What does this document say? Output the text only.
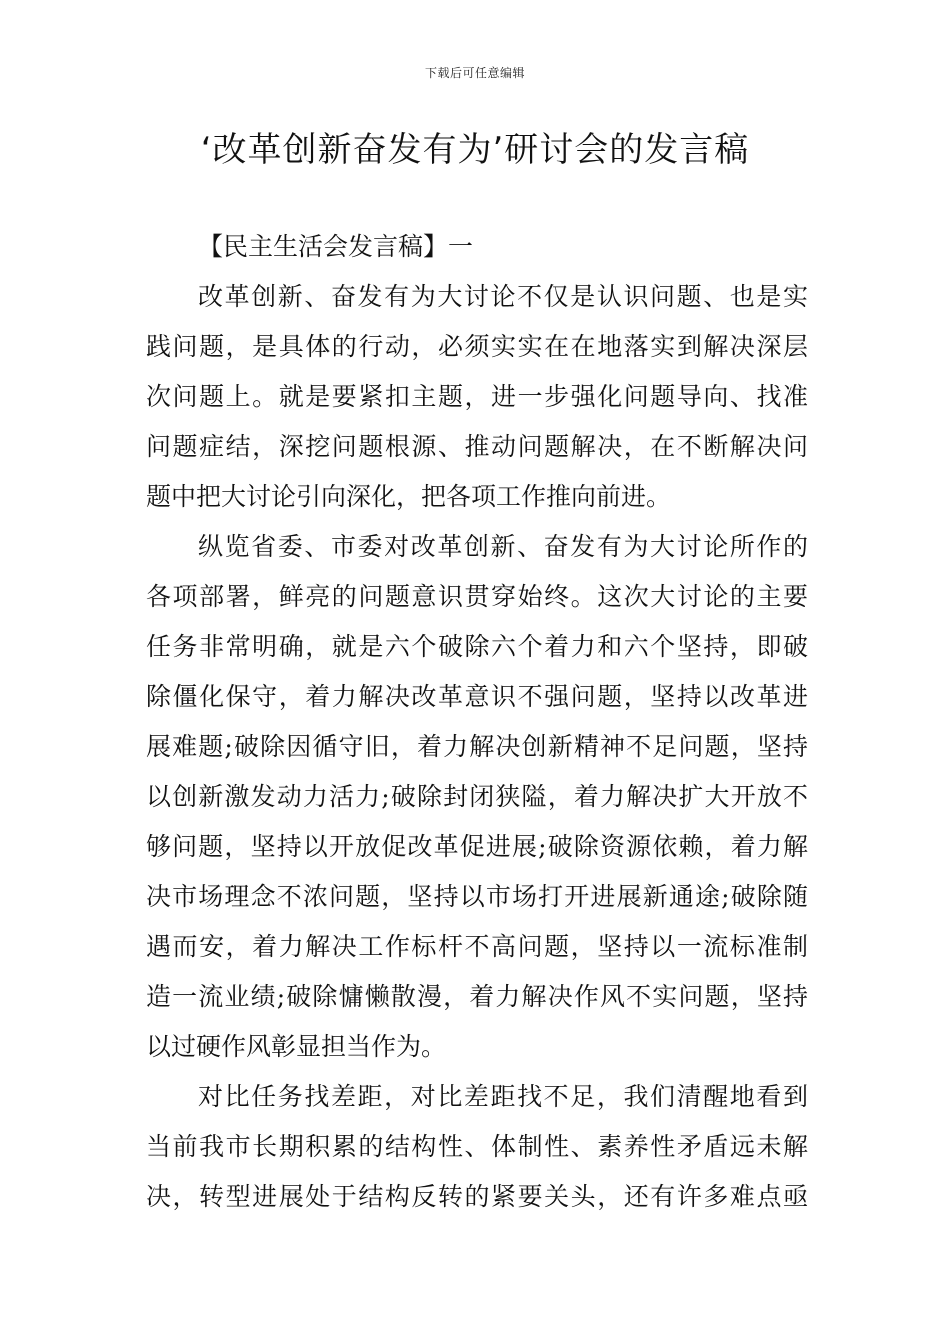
下载后可任意编辑
‘改革创新奋发有为’研讨会的发言稿
【民主生活会发言稿】一
改革创新、奋发有为大讨论不仅是认识问题、也是实
践问题，是具体的行动，必须实实在在地落实到解决深层
次问题上。就是要紧扣主题，进一步强化问题导向、找准
问题症结，深挖问题根源、推动问题解决，在不断解决问
题中把大讨论引向深化，把各项工作推向前进。
纵览省委、市委对改革创新、奋发有为大讨论所作的
各项部署，鲜亮的问题意识贯穿始终。这次大讨论的主要
任务非常明确，就是六个破除六个着力和六个坚持，即破
除僵化保守，着力解决改革意识不强问题，坚持以改革进
展难题;破除因循守旧，着力解决创新精神不足问题，坚持
以创新激发动力活力;破除封闭狭隘，着力解决扩大开放不
够问题，坚持以开放促改革促进展;破除资源依赖，着力解
决市场理念不浓问题，坚持以市场打开进展新通途;破除随
遇而安，着力解决工作标杆不高问题，坚持以一流标准制
造一流业绩;破除慵懒散漫，着力解决作风不实问题，坚持
以过硬作风彰显担当作为。
对比任务找差距，对比差距找不足，我们清醒地看到
当前我市长期积累的结构性、体制性、素养性矛盾远未解
决，转型进展处于结构反转的紧要关头，还有许多难点亟
